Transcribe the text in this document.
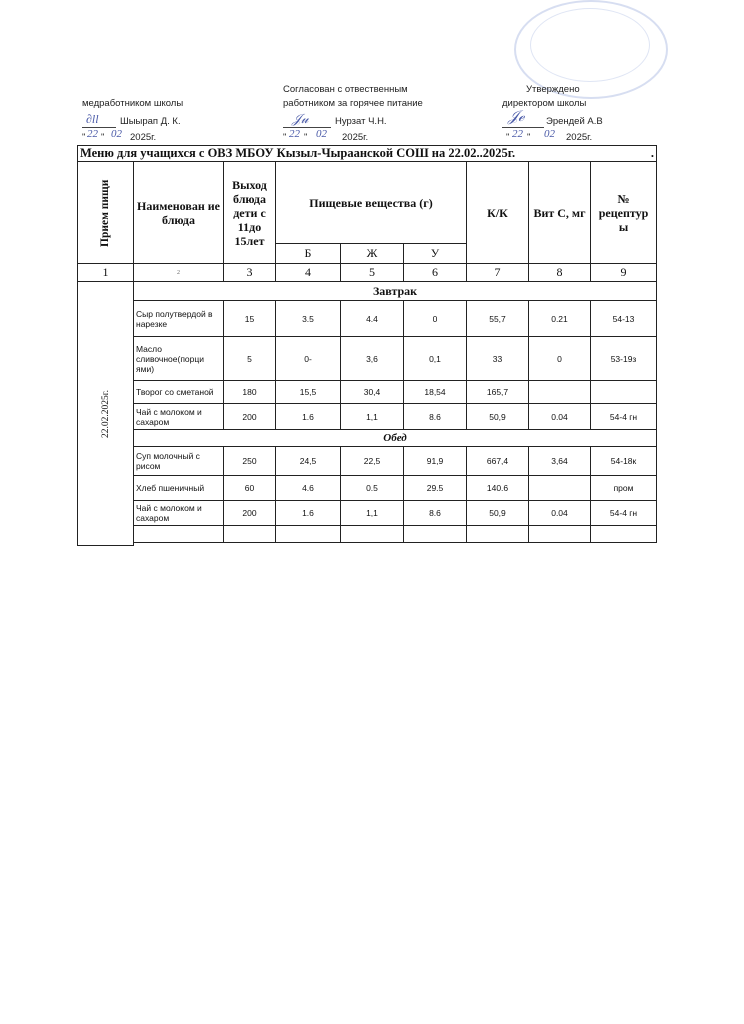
медработником школы
∂ll Шыырап Д. К.
" 22 " 02 2025г.
Согласован с отвественным
работником за горячее питание
𝒥𝓊	Нурзат Ч.Н.
" 22 " 02 2025г.
Утверждено
директором школы
𝒥ℯ Эрендей А.В
" 22 " 02 2025г.
Меню для учащихся с ОВЗ МБОУ Кызыл-Чыраанской СОШ на 22.02..2025г. .								

Прием пищи	Наименован ие блюда	Выход блюда дети с 11до 15лет	Пищевые вещества (г)			К/К	Вит С, мг	№ рецептур ы
			Б	Ж	У			
1	2	3	4	5	6	7	8	9

22.02.2025г.	Завтрак							
	Сыр полутвердой в нарезке	15	3.5	4.4	0	55,7	0.21	54-13
	Масло сливочное(порци ями)	5	0-	3,6	0,1	33	0	53-19з
	Творог со сметаной	180	15,5	30,4	18,54	165,7		
	Чай с молоком и сахаром	200	1.6	1,1	8.6	50,9	0.04	54-4 гн
	Обед							
	Суп молочный с рисом	250	24,5	22,5	91,9	667,4	3,64	54-18к
	Хлеб пшеничный	60	4.6	0.5	29.5	140.6		пром
	Чай с молоком и сахаром	200	1.6	1,1	8.6	50,9	0.04	54-4 гн
